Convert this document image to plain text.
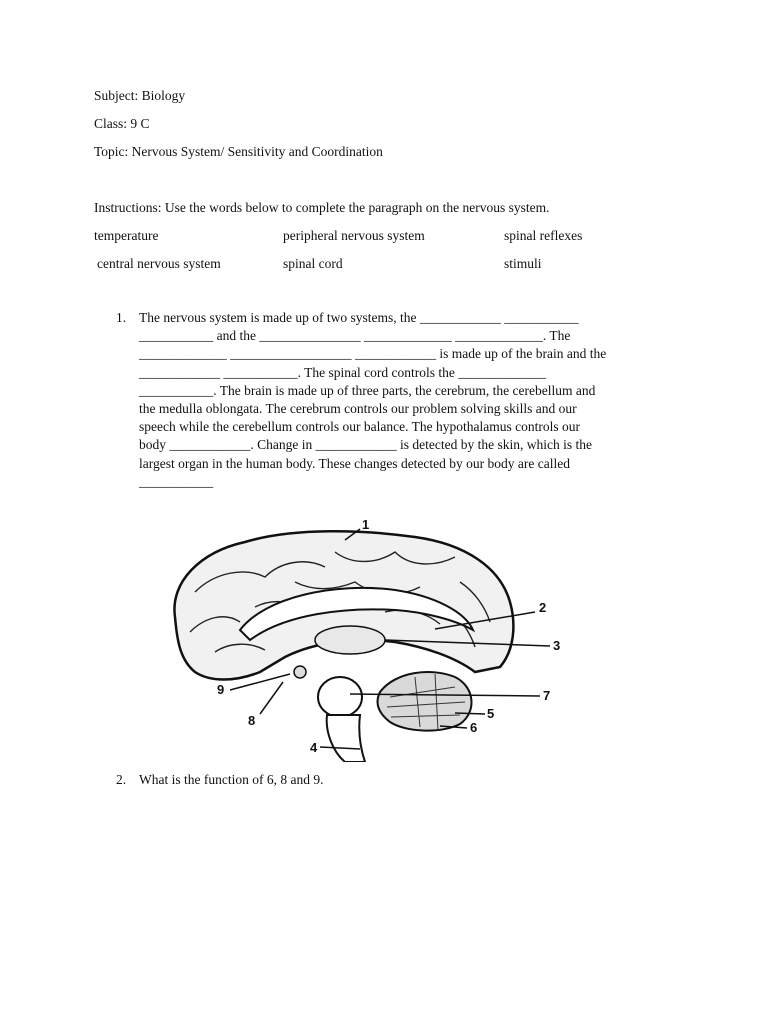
Subject: Biology
Class: 9 C
Topic: Nervous System/ Sensitivity and Coordination
Instructions: Use the words below to complete the paragraph on the nervous system.
temperature	peripheral nervous system	spinal reflexes
central nervous system	spinal cord	stimuli
1. The nervous system is made up of two systems, the ____________ ___________

___________ and the _______________ _____________ _____________. The

_____________ __________________ ____________ is made up of the brain and the

____________ ___________. The spinal cord controls the _____________

___________. The brain is made up of three parts, the cerebrum, the cerebellum and

the medulla oblongata. The cerebrum controls our problem solving skills and our

speech while the cerebellum controls our balance. The hypothalamus controls our

body ____________. Change in ____________ is detected by the skin, which is the

largest organ in the human body. These changes detected by our body are called

___________

1
2
3
4
5
6
7
8
9
2. What is the function of 6, 8 and 9.
